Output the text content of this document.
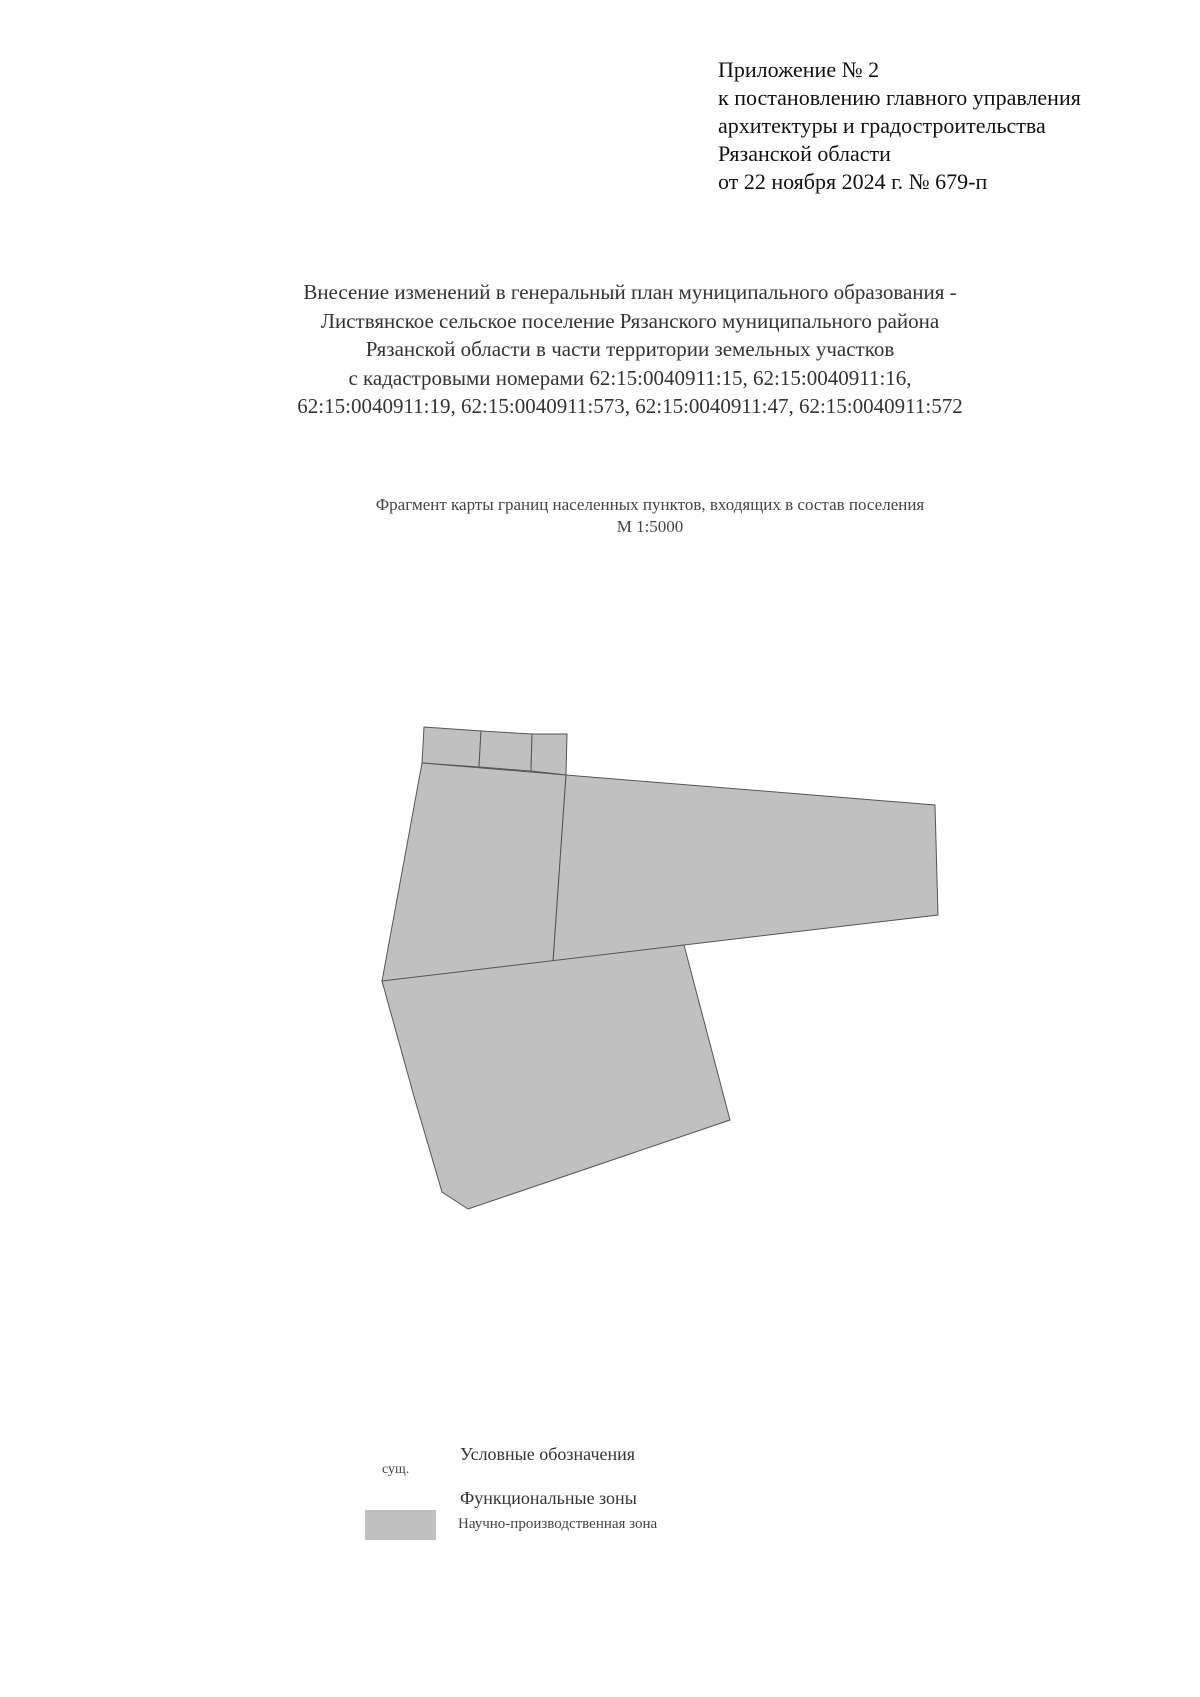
Приложение № 2
к постановлению главного управления
архитектуры и градостроительства
Рязанской области
от 22 ноября 2024 г. № 679-п
Внесение изменений в генеральный план муниципального образования -
Листвянское сельское поселение Рязанского муниципального района
Рязанской области в части территории земельных участков
с кадастровыми номерами 62:15:0040911:15, 62:15:0040911:16,
62:15:0040911:19, 62:15:0040911:573, 62:15:0040911:47, 62:15:0040911:572
Фрагмент карты границ населенных пунктов, входящих в состав поселения
М 1:5000
Условные обозначения
сущ.
Функциональные зоны
Научно-производственная зона
